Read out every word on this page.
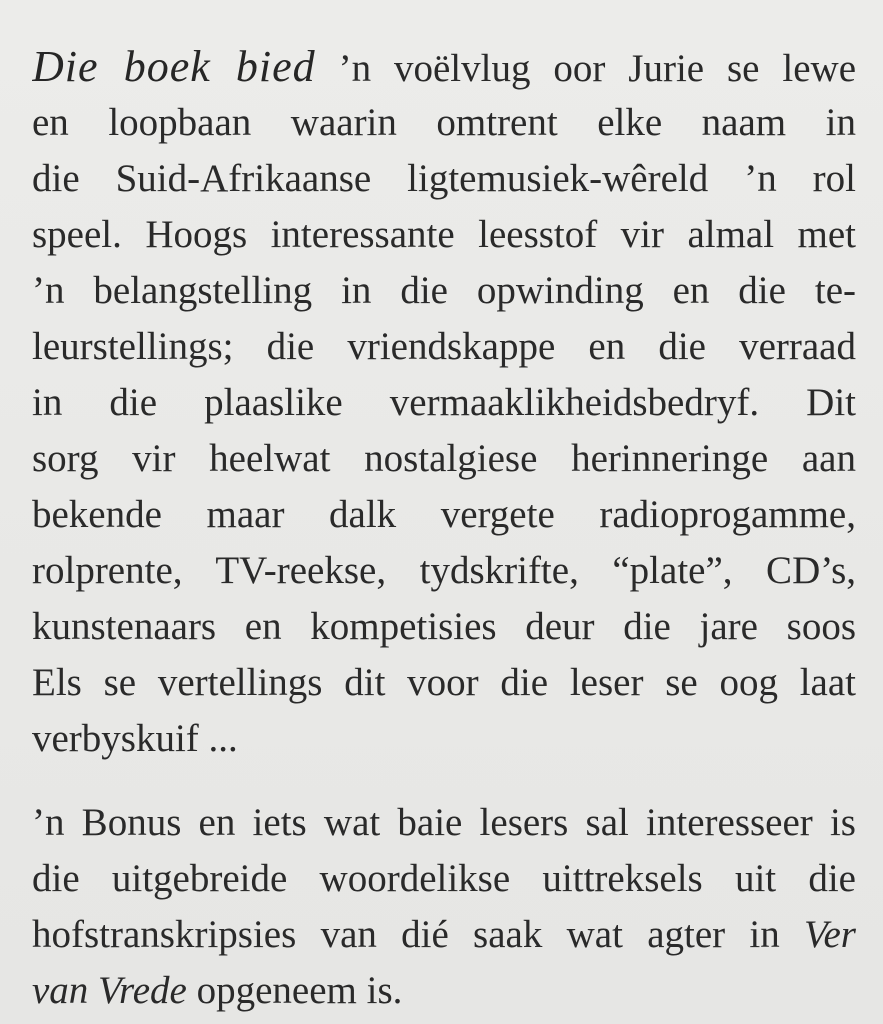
Die boek bied ’n voëlvlug oor Jurie se lewe
en loopbaan waarin omtrent elke naam in
die Suid-Afrikaanse ligtemusiek-wêreld ’n rol
speel. Hoogs interessante leesstof vir almal met
’n belangstelling in die opwinding en die te-
leurstellings; die vriendskappe en die verraad
in die plaaslike vermaaklikheidsbedryf. Dit
sorg vir heelwat nostalgiese herinneringe aan
bekende maar dalk vergete radioprogamme,
rolprente, TV-reekse, tydskrifte, “plate”, CD’s,
kunstenaars en kompetisies deur die jare soos
Els se vertellings dit voor die leser se oog laat
verbyskuif ...
’n Bonus en iets wat baie lesers sal interesseer is
die uitgebreide woordelikse uittreksels uit die
hofstranskripsies van dié saak wat agter in Ver
van Vrede opgeneem is.
